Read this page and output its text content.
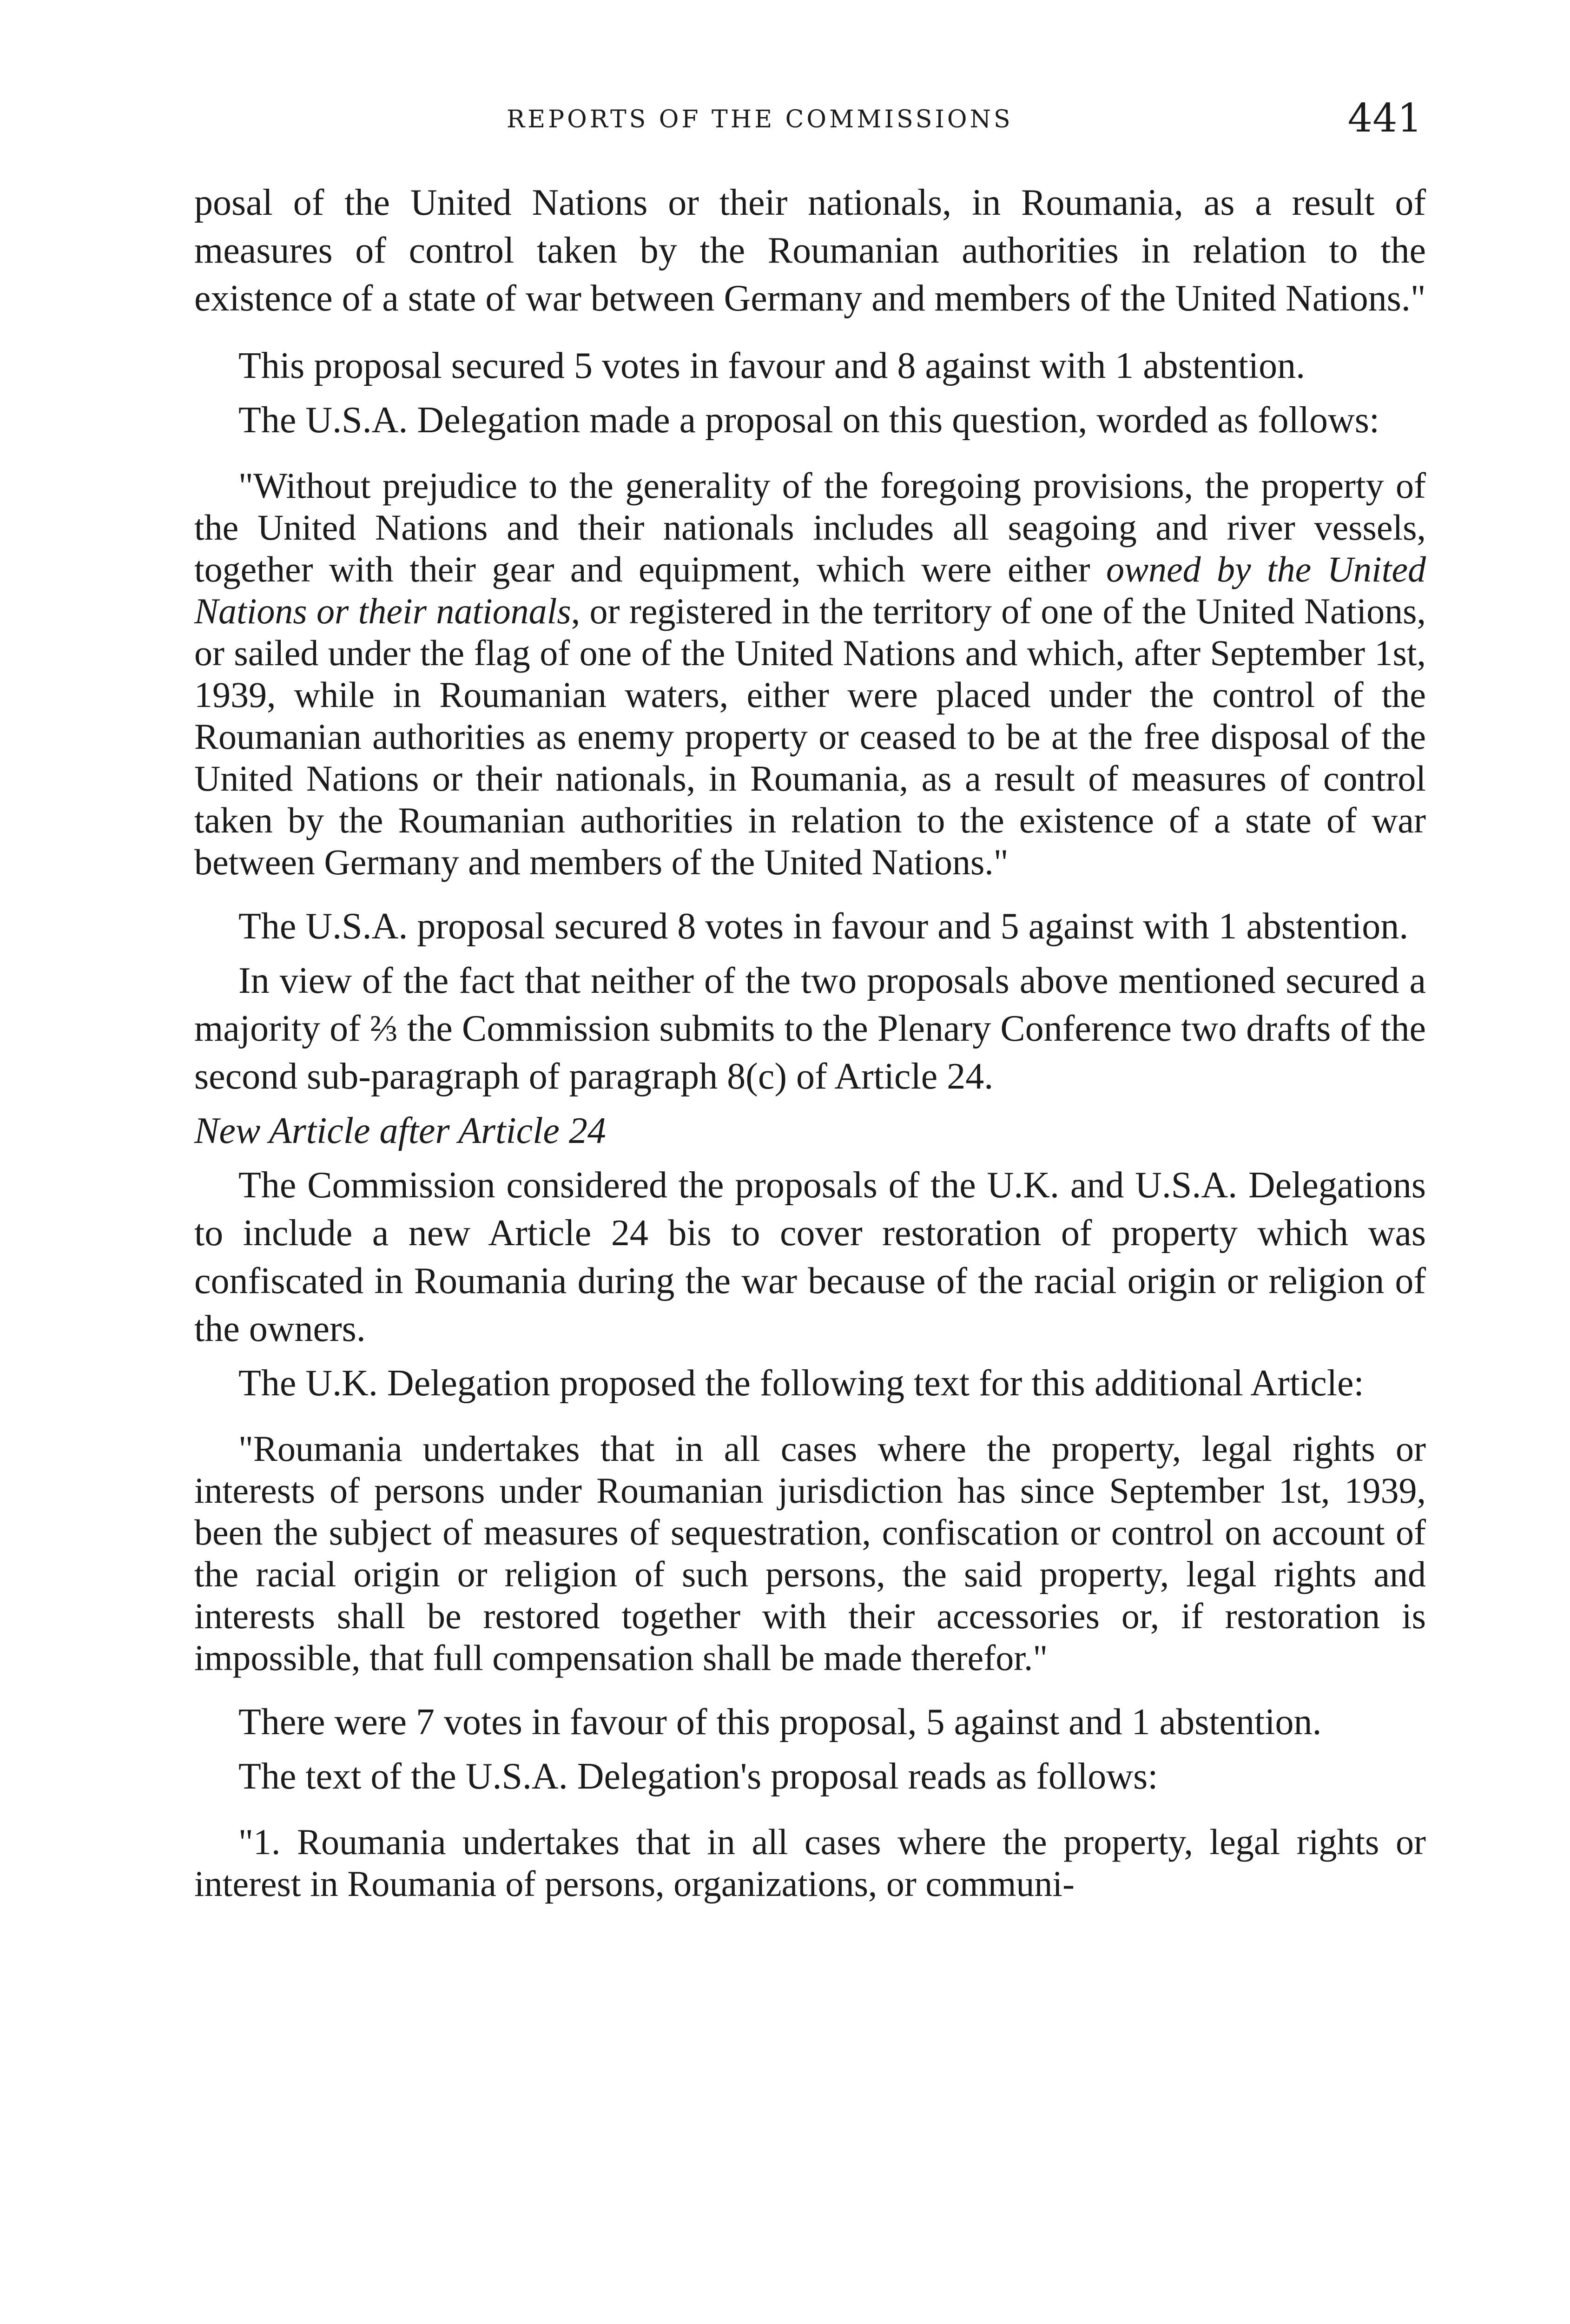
REPORTS OF THE COMMISSIONS	441

posal of the United Nations or their nationals, in Roumania, as a result of measures of control taken by the Roumanian authorities in relation to the existence of a state of war between Germany and members of the United Nations."

This proposal secured 5 votes in favour and 8 against with 1 abstention.

The U.S.A. Delegation made a proposal on this question, worded as follows:

"Without prejudice to the generality of the foregoing provisions, the property of the United Nations and their nationals includes all seagoing and river vessels, together with their gear and equipment, which were either owned by the United Nations or their nationals, or registered in the territory of one of the United Nations, or sailed under the flag of one of the United Nations and which, after September 1st, 1939, while in Roumanian waters, either were placed under the control of the Roumanian authorities as enemy property or ceased to be at the free disposal of the United Nations or their nationals, in Roumania, as a result of measures of control taken by the Roumanian authorities in relation to the existence of a state of war between Germany and members of the United Nations."

The U.S.A. proposal secured 8 votes in favour and 5 against with 1 abstention.

In view of the fact that neither of the two proposals above mentioned secured a majority of ⅔ the Commission submits to the Plenary Conference two drafts of the second sub-paragraph of paragraph 8(c) of Article 24.

New Article after Article 24

The Commission considered the proposals of the U.K. and U.S.A. Delegations to include a new Article 24 bis to cover restoration of property which was confiscated in Roumania during the war because of the racial origin or religion of the owners.

The U.K. Delegation proposed the following text for this additional Article:

"Roumania undertakes that in all cases where the property, legal rights or interests of persons under Roumanian jurisdiction has since September 1st, 1939, been the subject of measures of sequestration, confiscation or control on account of the racial origin or religion of such persons, the said property, legal rights and interests shall be restored together with their accessories or, if restoration is impossible, that full compensation shall be made therefor."

There were 7 votes in favour of this proposal, 5 against and 1 abstention.

The text of the U.S.A. Delegation's proposal reads as follows:

"1. Roumania undertakes that in all cases where the property, legal rights or interest in Roumania of persons, organizations, or communi-
